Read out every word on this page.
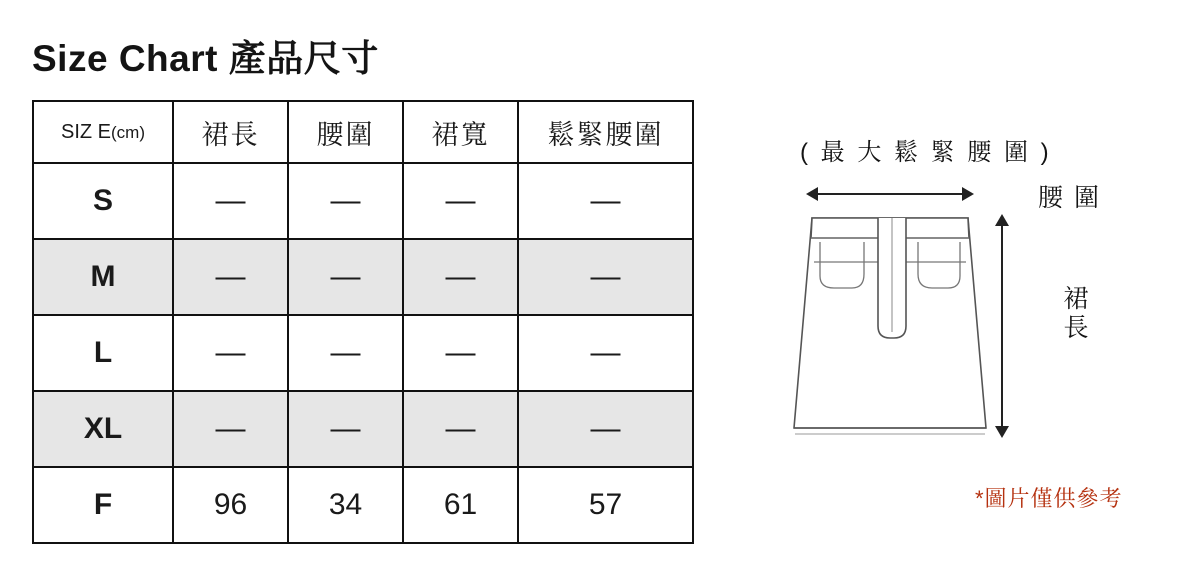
Size Chart 產品尺寸
SIZ E(cm)	裙長	腰圍	裙寬	鬆緊腰圍
S	—	—	—	—
M	—	—	—	—
L	—	—	—	—
XL	—	—	—	—
F	96	34	61	57
( 最 大 鬆 緊 腰 圍 )
腰 圍
裙長
*圖片僅供參考
